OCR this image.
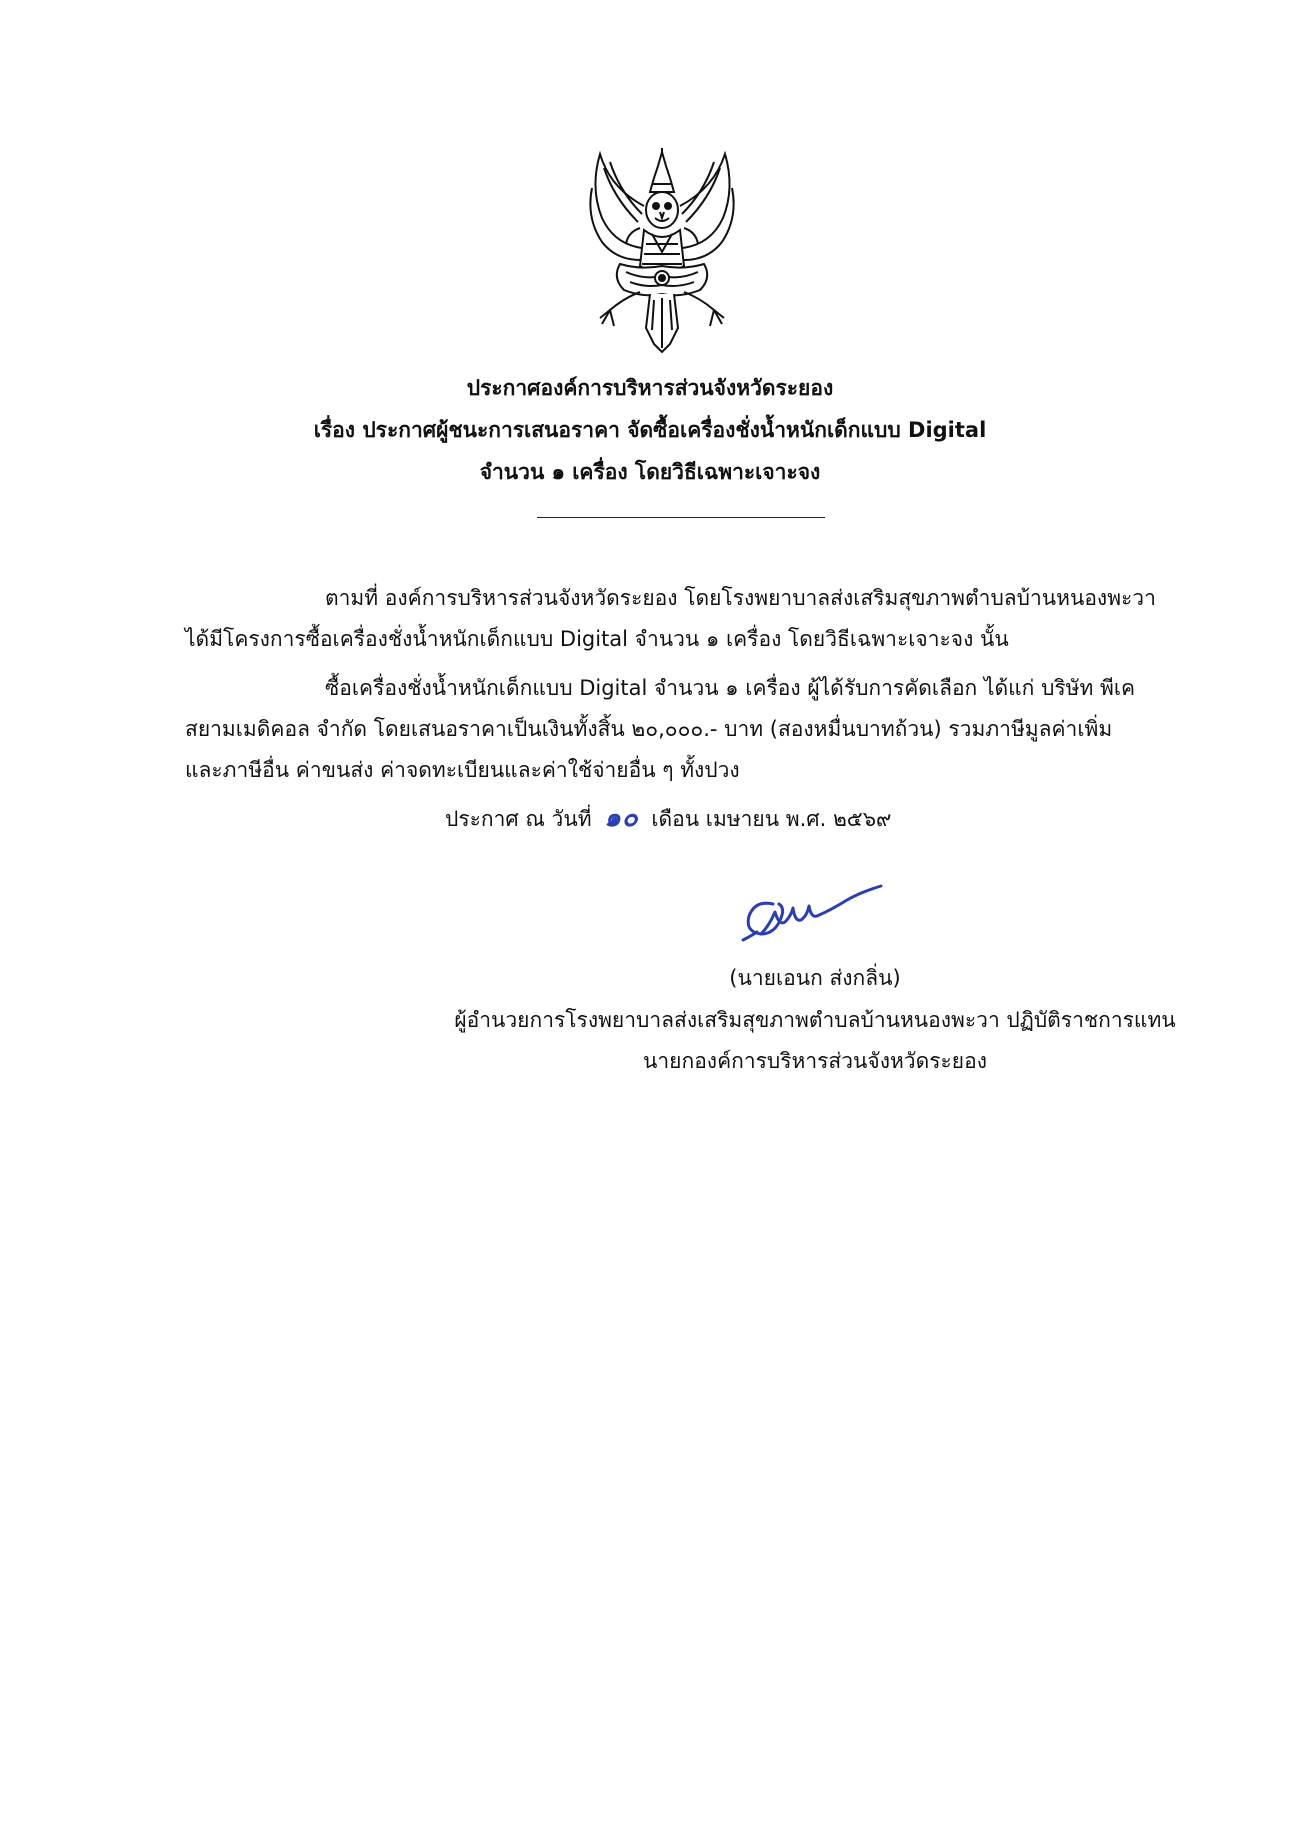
ประกาศองค์การบริหารส่วนจังหวัดระยอง
เรื่อง ประกาศผู้ชนะการเสนอราคา จัดซื้อเครื่องชั่งน้ำหนักเด็กแบบ Digital
จำนวน ๑ เครื่อง โดยวิธีเฉพาะเจาะจง
ตามที่ องค์การบริหารส่วนจังหวัดระยอง โดยโรงพยาบาลส่งเสริมสุขภาพตำบลบ้านหนองพะวา
ได้มีโครงการซื้อเครื่องชั่งน้ำหนักเด็กแบบ Digital จำนวน ๑ เครื่อง โดยวิธีเฉพาะเจาะจง นั้น
ซื้อเครื่องชั่งน้ำหนักเด็กแบบ Digital จำนวน ๑ เครื่อง ผู้ได้รับการคัดเลือก ได้แก่ บริษัท พีเค
สยามเมดิคอล จำกัด โดยเสนอราคาเป็นเงินทั้งสิ้น ๒๐,๐๐๐.- บาท (สองหมื่นบาทถ้วน) รวมภาษีมูลค่าเพิ่ม
และภาษีอื่น ค่าขนส่ง ค่าจดทะเบียนและค่าใช้จ่ายอื่น ๆ ทั้งปวง
ประกาศ ณ วันที่ ๑๐ เดือน เมษายน พ.ศ. ๒๕๖๙
(นายเอนก ส่งกลิ่น)
ผู้อำนวยการโรงพยาบาลส่งเสริมสุขภาพตำบลบ้านหนองพะวา ปฏิบัติราชการแทน
นายกองค์การบริหารส่วนจังหวัดระยอง
